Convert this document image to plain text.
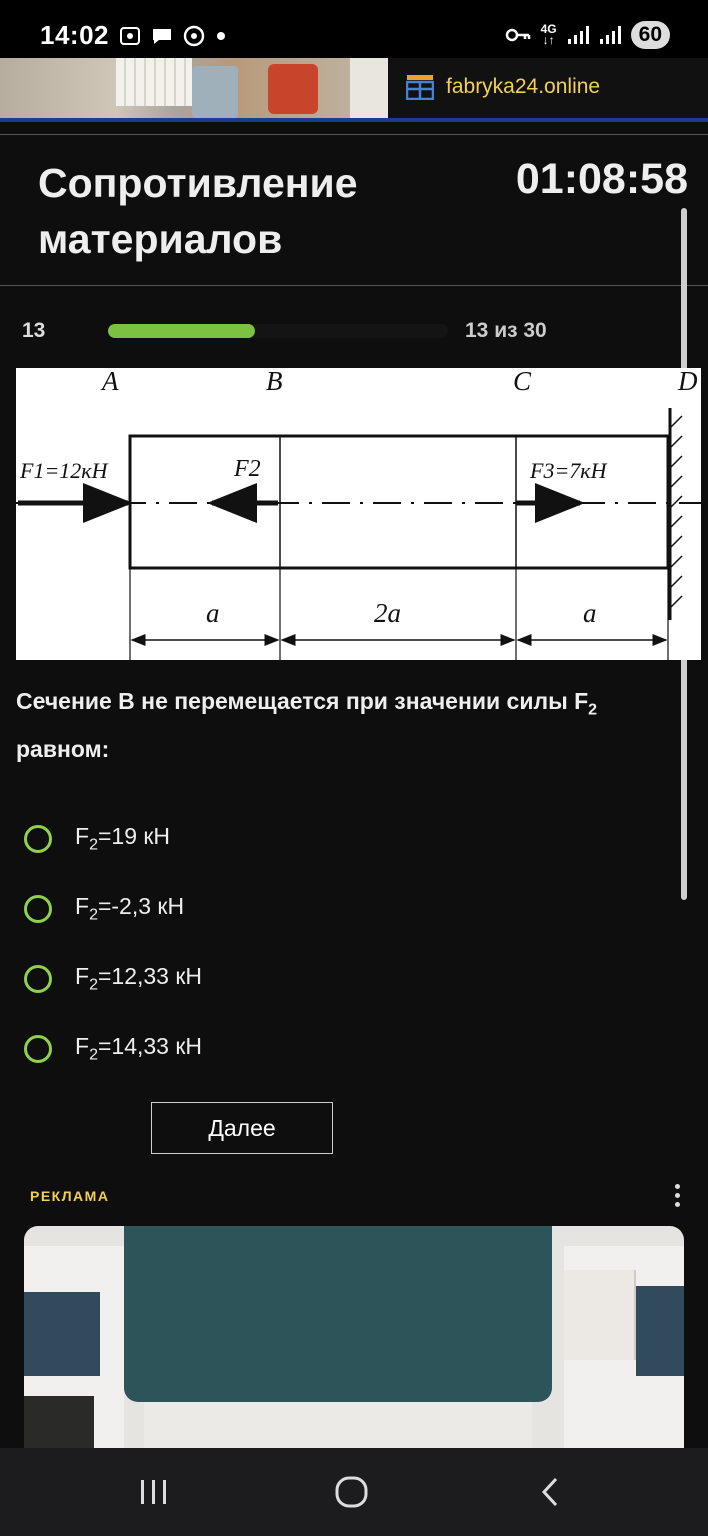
14:02	4G
↓↑	60
fabryka24.online
Сопротивление материалов
01:08:58
13	13 из 30
A	B	C	D
F1=12кН	F2	F3=7кН
a	2a	a
Сечение В не перемещается при значении силы $F_2$
равном:
$F_2=19$ кН
$F_2=-2,3$ кН
$F_2=12,33$ кН
$F_2=14,33$ кН
Далее
РЕКЛАМА
